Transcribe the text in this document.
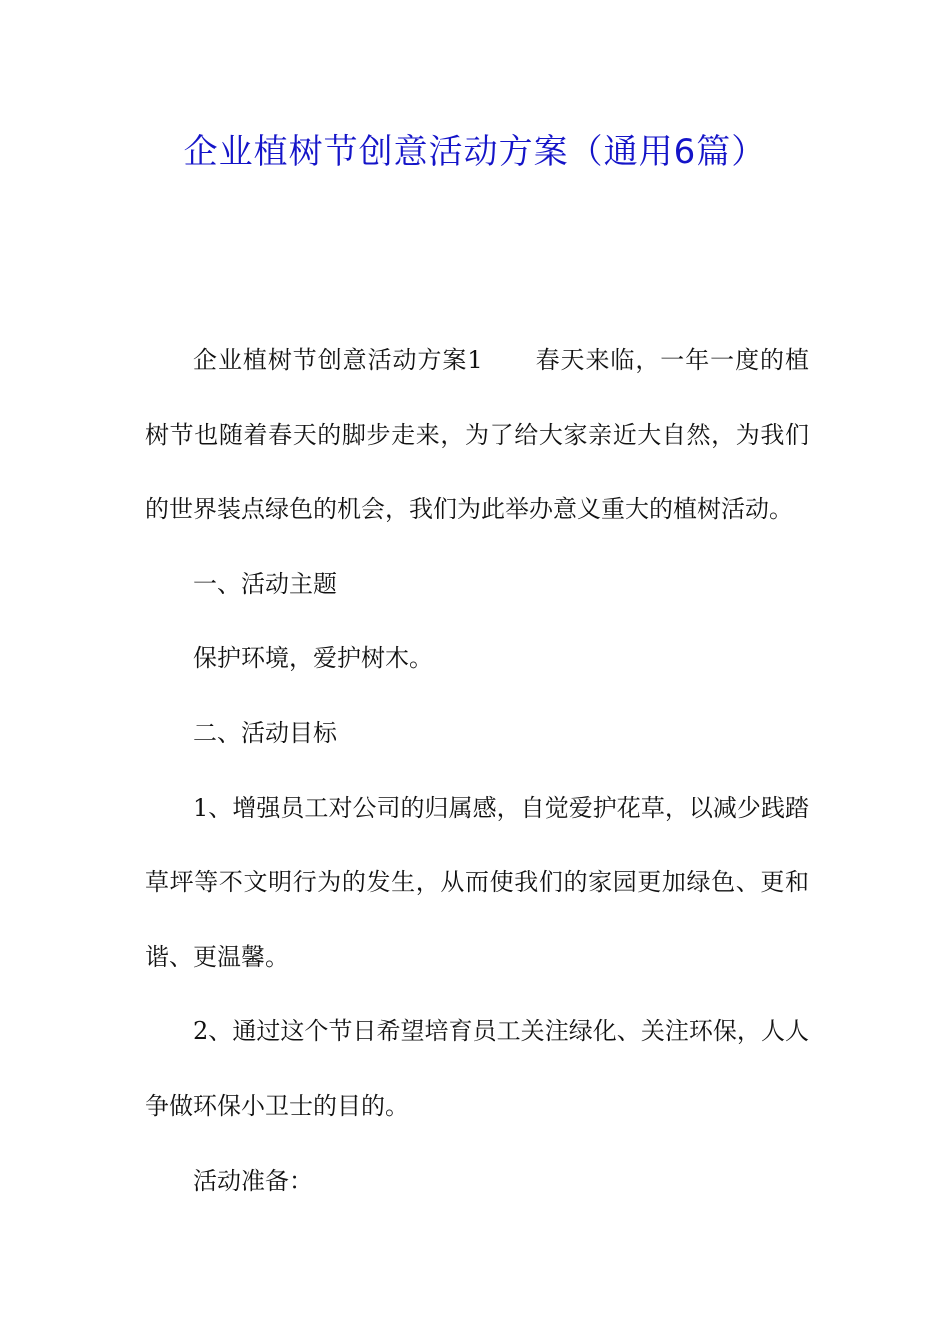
企业植树节创意活动方案（通用6篇）
企业植树节创意活动方案1 春天来临，一年一度的植
树节也随着春天的脚步走来，为了给大家亲近大自然，为我们
的世界装点绿色的机会，我们为此举办意义重大的植树活动。
一、活动主题
保护环境，爱护树木。
二、活动目标
1、增强员工对公司的归属感，自觉爱护花草，以减少践踏
草坪等不文明行为的发生，从而使我们的家园更加绿色、更和
谐、更温馨。
2、通过这个节日希望培育员工关注绿化、关注环保，人人
争做环保小卫士的目的。
活动准备：
